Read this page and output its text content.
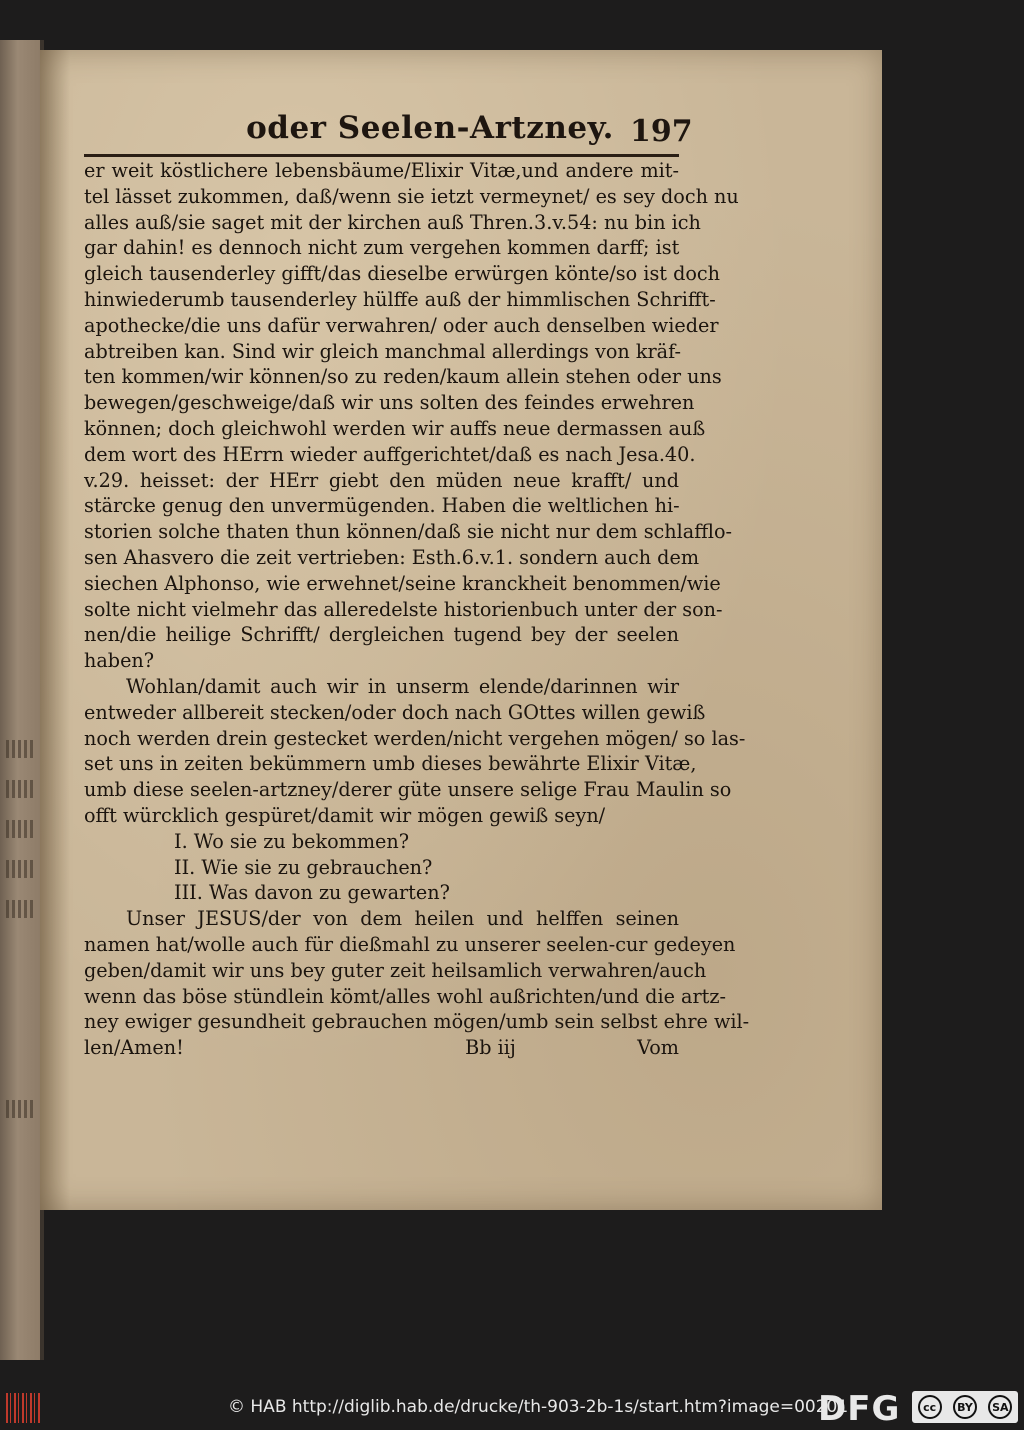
oder Seelen-Artzney. 197
er weit köstlichere lebensbäume/Elixir Vitæ,und andere mit-
tel lässet zukommen, daß/wenn sie ietzt vermeynet/ es sey doch nu
alles auß/sie saget mit der kirchen auß Thren.3.v.54: nu bin ich
gar dahin! es dennoch nicht zum vergehen kommen darff; ist
gleich tausenderley gifft/das dieselbe erwürgen könte/so ist doch
hinwiederumb tausenderley hülffe auß der himmlischen Schrifft-
apothecke/die uns dafür verwahren/ oder auch denselben wieder
abtreiben kan. Sind wir gleich manchmal allerdings von kräf-
ten kommen/wir können/so zu reden/kaum allein stehen oder uns
bewegen/geschweige/daß wir uns solten des feindes erwehren
können; doch gleichwohl werden wir auffs neue dermassen auß
dem wort des HErrn wieder auffgerichtet/daß es nach Jesa.40.
v.29. heisset: der HErr giebt den müden neue krafft/ und
stärcke genug den unvermügenden. Haben die weltlichen hi-
storien solche thaten thun können/daß sie nicht nur dem schlafflo-
sen Ahasvero die zeit vertrieben: Esth.6.v.1. sondern auch dem
siechen Alphonso, wie erwehnet/seine kranckheit benommen/wie
solte nicht vielmehr das alleredelste historienbuch unter der son-
nen/die heilige Schrifft/ dergleichen tugend bey der seelen
haben?
Wohlan/damit auch wir in unserm elende/darinnen wir
entweder allbereit stecken/oder doch nach GOttes willen gewiß
noch werden drein gestecket werden/nicht vergehen mögen/ so las-
set uns in zeiten bekümmern umb dieses bewährte Elixir Vitæ,
umb diese seelen-artzney/derer güte unsere selige Frau Maulin so
offt würcklich gespüret/damit wir mögen gewiß seyn/
I. Wo sie zu bekommen?
II. Wie sie zu gebrauchen?
III. Was davon zu gewarten?
Unser JESUS/der von dem heilen und helffen seinen
namen hat/wolle auch für dießmahl zu unserer seelen-cur gedeyen
geben/damit wir uns bey guter zeit heilsamlich verwahren/auch
wenn das böse stündlein kömt/alles wohl außrichten/und die artz-
ney ewiger gesundheit gebrauchen mögen/umb sein selbst ehre wil-
len/Amen!	Bb iij	Vom
© HAB http://diglib.hab.de/drucke/th-903-2b-1s/start.htm?image=00201
DFG	cc	BY	SA
